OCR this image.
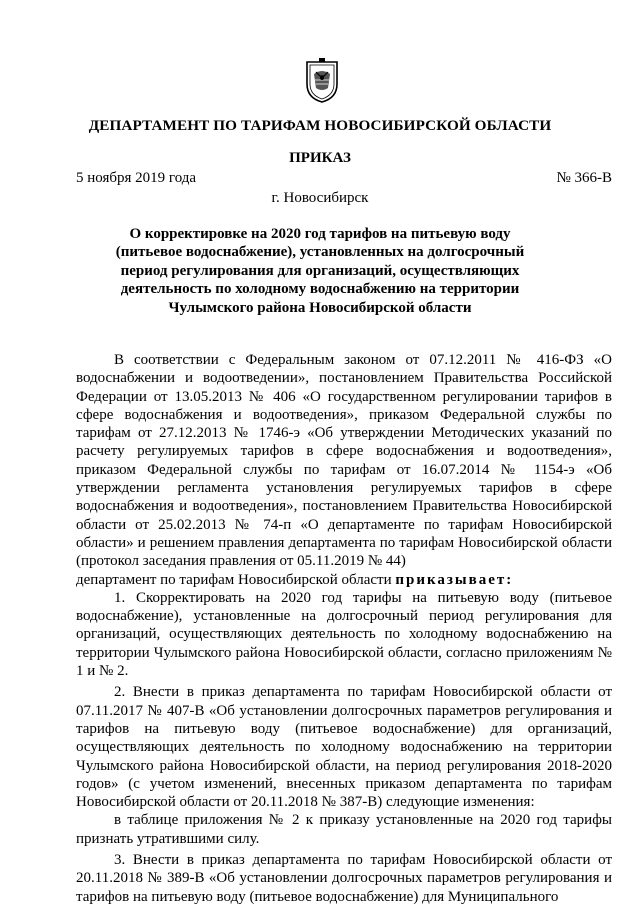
ДЕПАРТАМЕНТ ПО ТАРИФАМ НОВОСИБИРСКОЙ ОБЛАСТИ
ПРИКАЗ
5 ноября 2019 года	№ 366-В
г. Новосибирск
О корректировке на 2020 год тарифов на питьевую воду (питьевое водоснабжение), установленных на долгосрочный период регулирования для организаций, осуществляющих деятельность по холодному водоснабжению на территории Чулымского района Новосибирской области

В соответствии с Федеральным законом от 07.12.2011 № 416-ФЗ «О водоснабжении и водоотведении», постановлением Правительства Российской Федерации от 13.05.2013 № 406 «О государственном регулировании тарифов в сфере водоснабжения и водоотведения», приказом Федеральной службы по тарифам от 27.12.2013 № 1746-э «Об утверждении Методических указаний по расчету регулируемых тарифов в сфере водоснабжения и водоотведения», приказом Федеральной службы по тарифам от 16.07.2014 № 1154-э «Об утверждении регламента установления регулируемых тарифов в сфере водоснабжения и водоотведения», постановлением Правительства Новосибирской области от 25.02.2013 № 74-п «О департаменте по тарифам Новосибирской области» и решением правления департамента по тарифам Новосибирской области (протокол заседания правления от 05.11.2019 № 44)

департамент по тарифам Новосибирской области приказывает:

1. Скорректировать на 2020 год тарифы на питьевую воду (питьевое водоснабжение), установленные на долгосрочный период регулирования для организаций, осуществляющих деятельность по холодному водоснабжению на территории Чулымского района Новосибирской области, согласно приложениям № 1 и № 2.

2. Внести в приказ департамента по тарифам Новосибирской области от 07.11.2017 № 407-В «Об установлении долгосрочных параметров регулирования и тарифов на питьевую воду (питьевое водоснабжение) для организаций, осуществляющих деятельность по холодному водоснабжению на территории Чулымского района Новосибирской области, на период регулирования 2018-2020 годов» (с учетом изменений, внесенных приказом департамента по тарифам Новосибирской области от 20.11.2018 № 387-В) следующие изменения:

в таблице приложения № 2 к приказу установленные на 2020 год тарифы признать утратившими силу.

3. Внести в приказ департамента по тарифам Новосибирской области от 20.11.2018 № 389-В «Об установлении долгосрочных параметров регулирования и тарифов на питьевую воду (питьевое водоснабжение) для Муниципального
